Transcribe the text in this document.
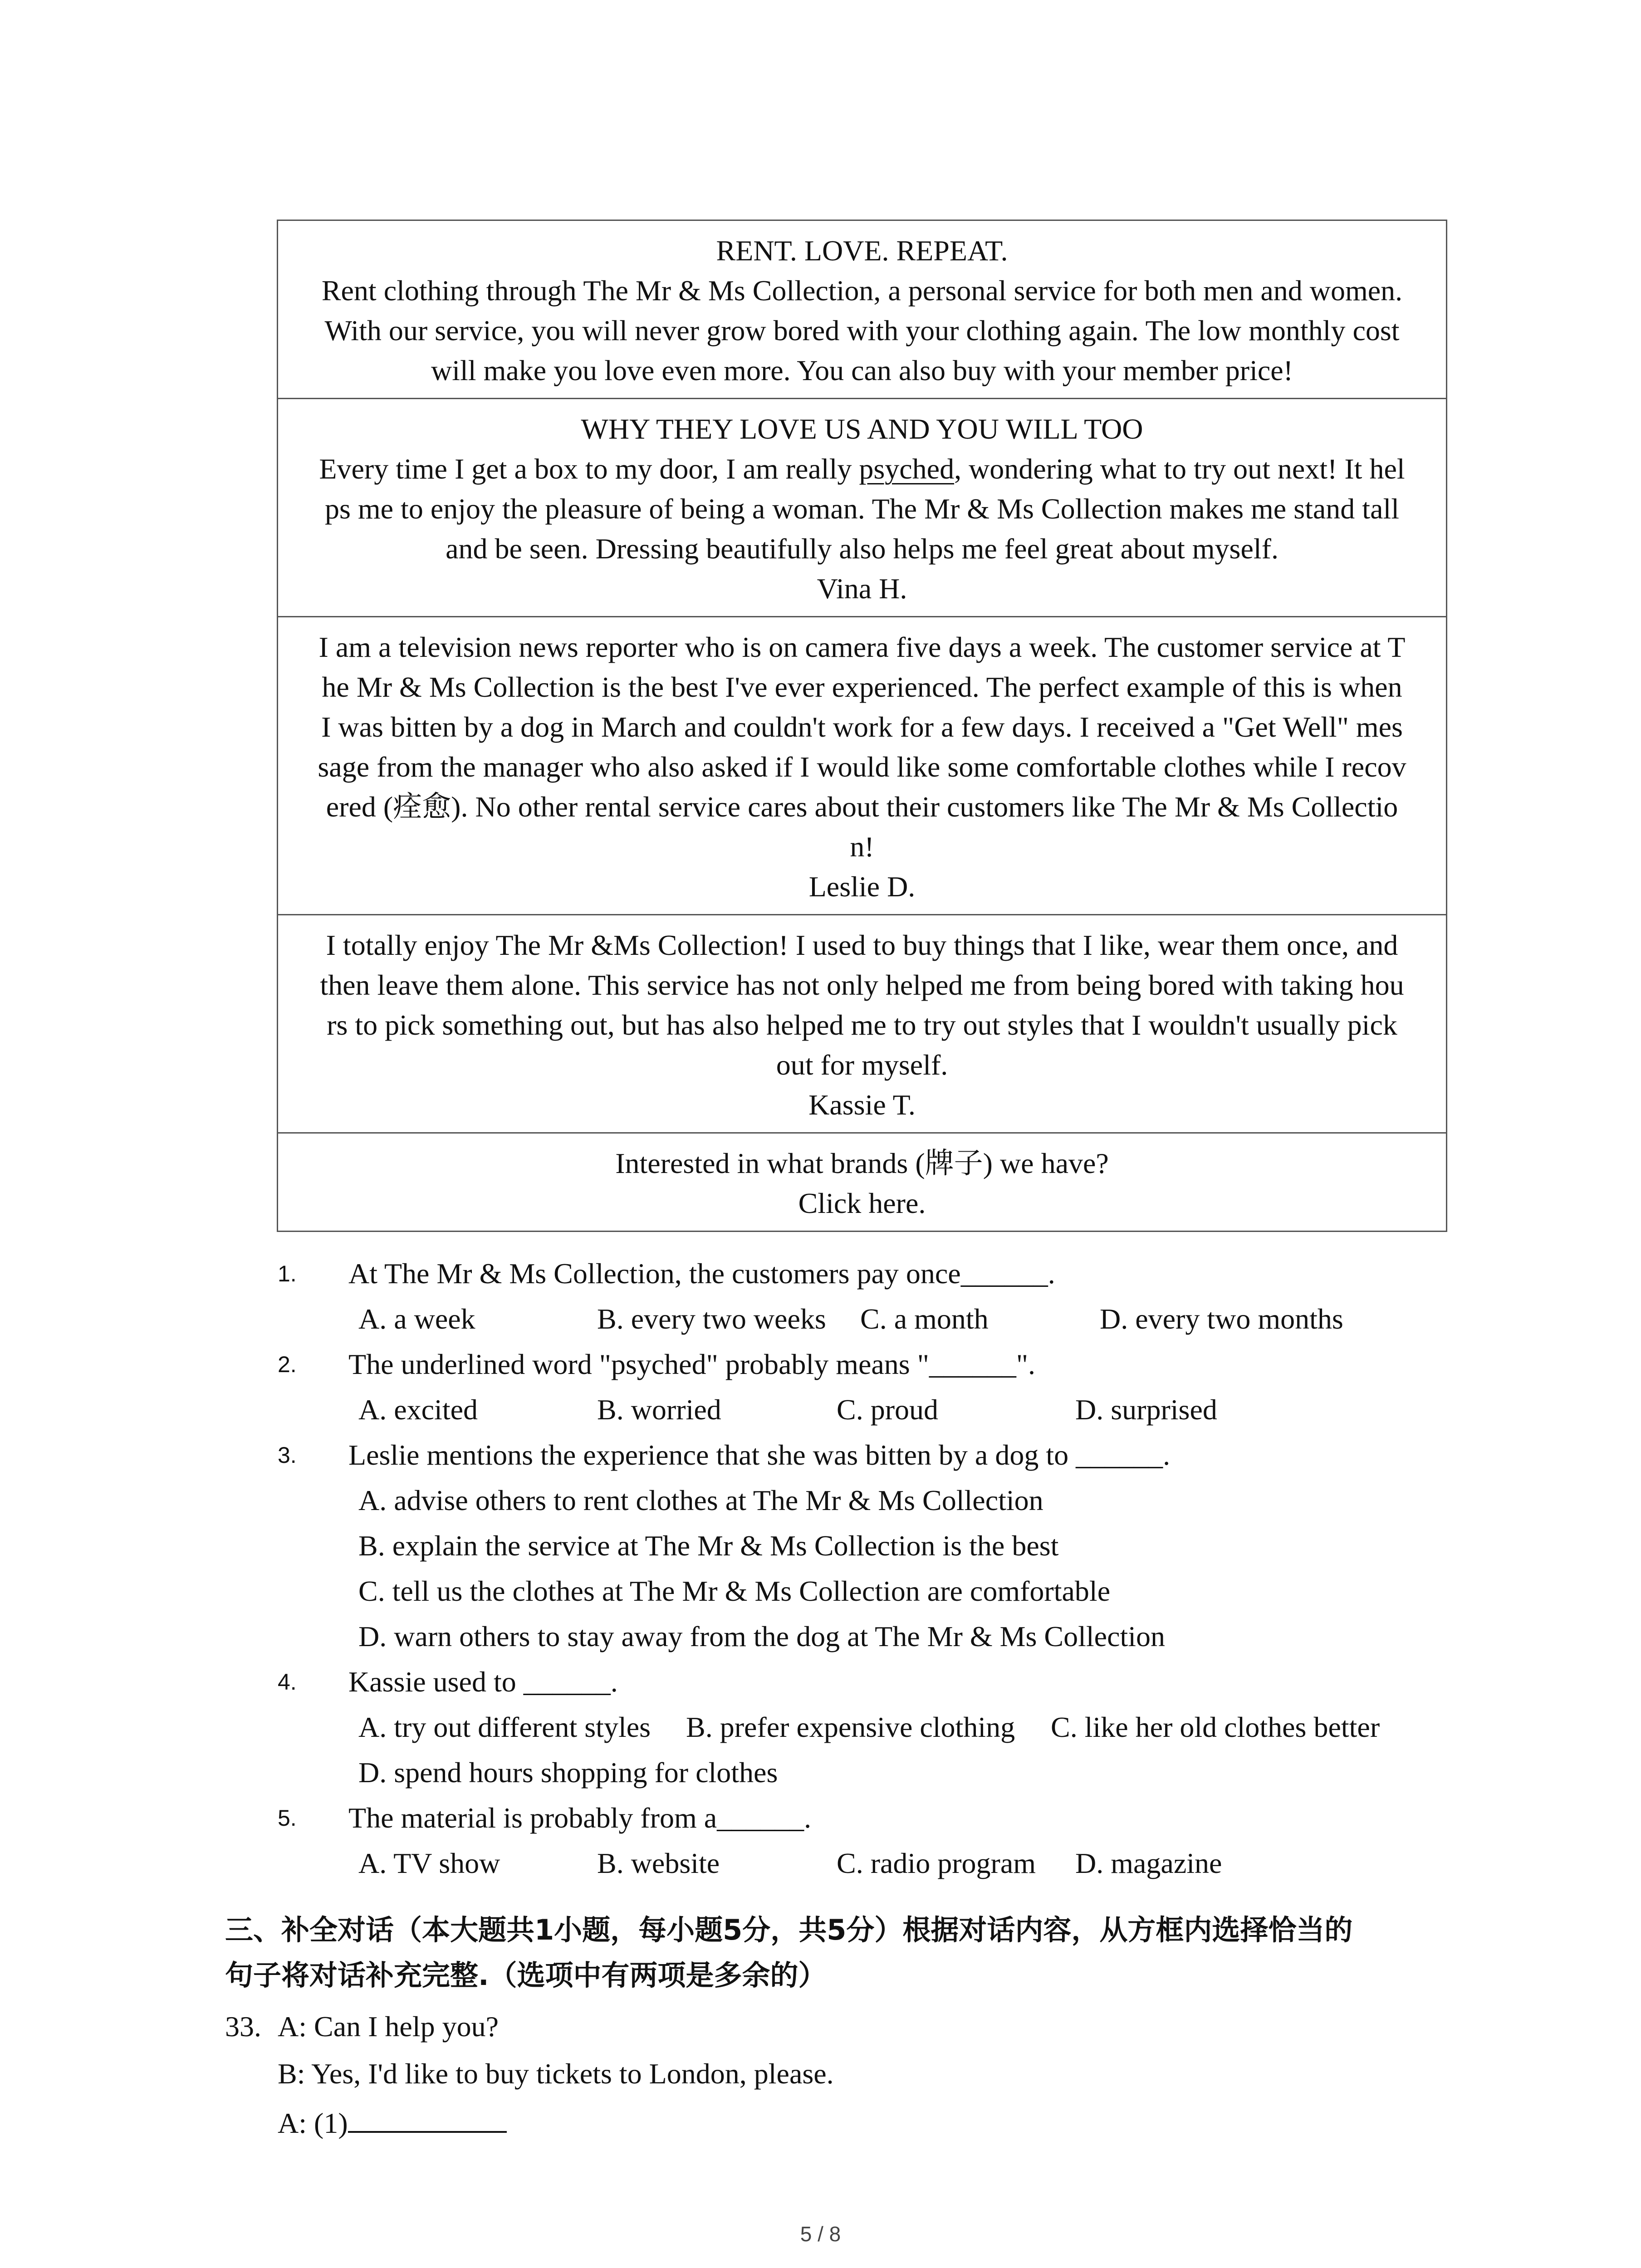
RENT. LOVE. REPEAT.

Rent clothing through The Mr & Ms Collection, a personal service for both men and women.

With our service, you will never grow bored with your clothing again. The low monthly cost

will make you love even more. You can also buy with your member price!

WHY THEY LOVE US AND YOU WILL TOO

Every time I get a box to my door, I am really psyched, wondering what to try out next! It hel

ps me to enjoy the pleasure of being a woman. The Mr & Ms Collection makes me stand tall

and be seen. Dressing beautifully also helps me feel great about myself.

Vina H.

I am a television news reporter who is on camera five days a week. The customer service at T

he Mr & Ms Collection is the best I've ever experienced. The perfect example of this is when

I was bitten by a dog in March and couldn't work for a few days. I received a "Get Well" mes

sage from the manager who also asked if I would like some comfortable clothes while I recov

ered (痊愈). No other rental service cares about their customers like The Mr & Ms Collectio

n!

Leslie D.

I totally enjoy The Mr &Ms Collection! I used to buy things that I like, wear them once, and

then leave them alone. This service has not only helped me from being bored with taking hou

rs to pick something out, but has also helped me to try out styles that I wouldn't usually pick

out for myself.

Kassie T.

Interested in what brands (牌子) we have?

Click here.

1. At The Mr & Ms Collection, the customers pay once______.
A. a week	B. every two weeks C. a month	D. every two months
2. The underlined word "psyched" probably means "______".
A. excited	B. worried	C. proud	D. surprised
3. Leslie mentions the experience that she was bitten by a dog to ______.
A. advise others to rent clothes at The Mr & Ms Collection
B. explain the service at The Mr & Ms Collection is the best
C. tell us the clothes at The Mr & Ms Collection are comfortable
D. warn others to stay away from the dog at The Mr & Ms Collection
4. Kassie used to ______.
A. try out different styles B. prefer expensive clothing C. like her old clothes better
D. spend hours shopping for clothes
5. The material is probably from a______.
A. TV show	B. website	C. radio program D. magazine
三、补全对话（本大题共1小题，每小题5分，共5分）根据对话内容，从方框内选择恰当的
句子将对话补充完整.（选项中有两项是多余的）
33. A: Can I help you?
B: Yes, I'd like to buy tickets to London, please.
A: (1)
5 / 8
